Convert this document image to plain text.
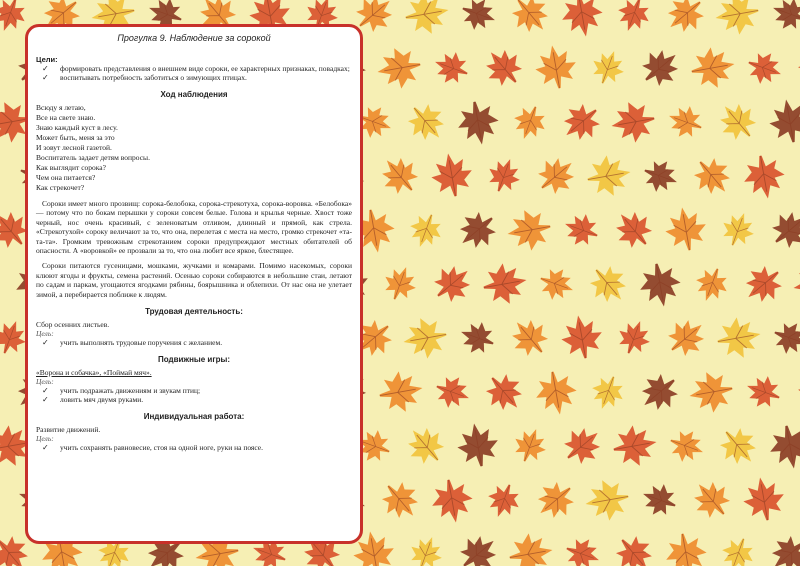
Прогулка 9. Наблюдение за сорокой
Цели:
✓ формировать представления о внешнем виде сороки, ее характерных признаках, повадках;
✓ воспитывать потребность заботиться о зимующих птицах.
Ход наблюдения
Всюду я летаю,
Все на свете знаю.
Знаю каждый куст в лесу.
Может быть, меня за это
И зовут лесной газетой.
Воспитатель задает детям вопросы.
Как выглядит сорока?
Чем она питается?
Как стрекочет?

Сороки имеет много прозвищ: сорока-белобока, сорока-стрекотуха, сорока-воровка. «Белобока» — потому что по бокам перышки у сороки совсем белые. Голова и крылья черные. Хвост тоже черный, нос очень красивый, с зеленоватым отливом, длинный и прямой, как стрела. «Стрекотухой» сороку величают за то, что она, перелетая с места на место, громко стрекочет «та-та-та». Громким тревожным стрекотанием сороки предупреждают местных обитателей об опасности. А «воровкой» ее прозвали за то, что она любит все яркое, блестящее.

Сороки питаются гусеницами, мошками, жучками и комарами. Помимо насекомых, сороки клюют ягоды и фрукты, семена растений. Осенью сороки собираются в небольшие стаи, летают по садам и паркам, угощаются ягодками рябины, боярышника и облепихи. От нас она не улетает зимой, а перебирается поближе к людям.

Трудовая деятельность:
Сбор осенних листьев.
Цель:
✓ учить выполнять трудовые поручения с желанием.
Подвижные игры:
«Ворона и собачка», «Поймай мяч».
Цель:
✓ учить подражать движениям и звукам птиц;
✓ ловить мяч двумя руками.
Индивидуальная работа:
Развитие движений.
Цель:
✓ учить сохранять равновесие, стоя на одной ноге, руки на поясе.
